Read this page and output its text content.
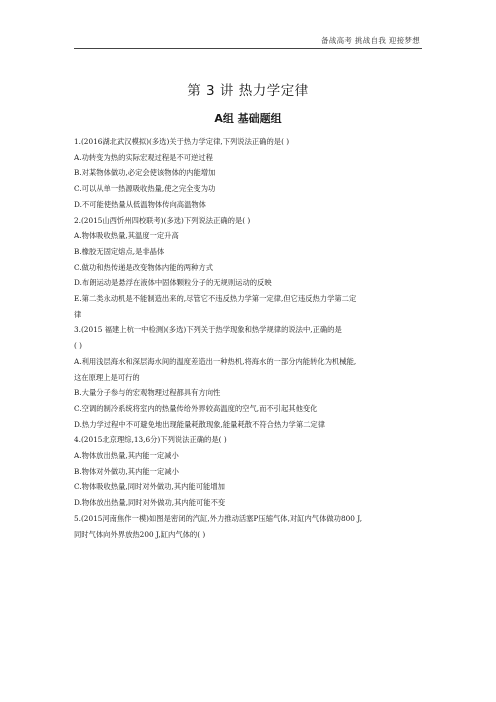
备战高考 挑战自我 迎接梦想
第 3 讲 热力学定律
A组 基础题组
1.(2016湖北武汉模拟)(多选)关于热力学定律,下列说法正确的是( )
A.功转变为热的实际宏观过程是不可逆过程
B.对某物体做功,必定会使该物体的内能增加
C.可以从单一热源吸收热量,使之完全变为功
D.不可能使热量从低温物体传向高温物体
2.(2015山西忻州四校联考)(多选)下列说法正确的是( )
A.物体吸收热量,其温度一定升高
B.橡胶无固定熔点,是非晶体
C.做功和热传递是改变物体内能的两种方式
D.布朗运动是悬浮在液体中固体颗粒分子的无规则运动的反映
E.第二类永动机是不能制造出来的,尽管它不违反热力学第一定律,但它违反热力学第二定
律
3.(2015 福建上杭一中检测)(多选)下列关于热学现象和热学规律的说法中,正确的是
( )
A.利用浅层海水和深层海水间的温度差造出一种热机,将海水的一部分内能转化为机械能,
这在原理上是可行的
B.大量分子参与的宏观物理过程都具有方向性
C.空调的制冷系统将室内的热量传给外界较高温度的空气,而不引起其他变化
D.热力学过程中不可避免地出现能量耗散现象,能量耗散不符合热力学第二定律
4.(2015北京理综,13,6分)下列说法正确的是( )
A.物体放出热量,其内能一定减小
B.物体对外做功,其内能一定减小
C.物体吸收热量,同时对外做功,其内能可能增加
D.物体放出热量,同时对外做功,其内能可能不变
5.(2015河南焦作一模)如图是密闭的汽缸,外力推动活塞P压缩气体,对缸内气体做功800 J,
同时气体向外界放热200 J,缸内气体的( )
